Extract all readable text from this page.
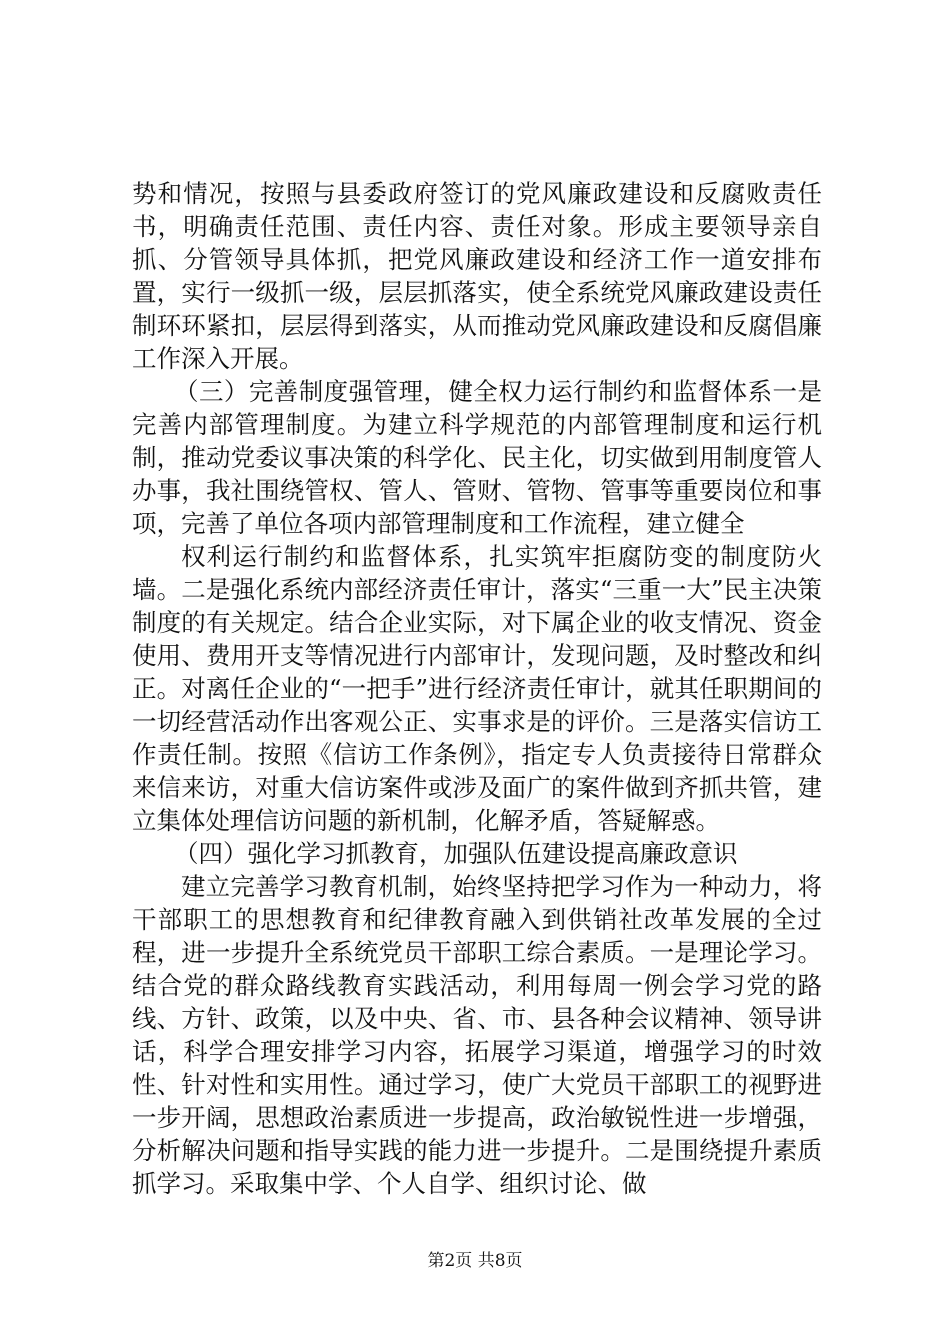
势和情况，按照与县委政府签订的党风廉政建设和反腐败责任书，明确责任范围、责任内容、责任对象。形成主要领导亲自抓、分管领导具体抓，把党风廉政建设和经济工作一道安排布置，实行一级抓一级，层层抓落实，使全系统党风廉政建设责任制环环紧扣，层层得到落实，从而推动党风廉政建设和反腐倡廉工作深入开展。

（三）完善制度强管理，健全权力运行制约和监督体系一是完善内部管理制度。为建立科学规范的内部管理制度和运行机制，推动党委议事决策的科学化、民主化，切实做到用制度管人办事，我社围绕管权、管人、管财、管物、管事等重要岗位和事项，完善了单位各项内部管理制度和工作流程，建立健全

权利运行制约和监督体系，扎实筑牢拒腐防变的制度防火墙。二是强化系统内部经济责任审计，落实“三重一大”民主决策制度的有关规定。结合企业实际，对下属企业的收支情况、资金使用、费用开支等情况进行内部审计，发现问题，及时整改和纠正。对离任企业的“一把手”进行经济责任审计，就其任职期间的一切经营活动作出客观公正、实事求是的评价。三是落实信访工作责任制。按照《信访工作条例》，指定专人负责接待日常群众来信来访，对重大信访案件或涉及面广的案件做到齐抓共管，建立集体处理信访问题的新机制，化解矛盾，答疑解惑。

（四）强化学习抓教育，加强队伍建设提高廉政意识

建立完善学习教育机制，始终坚持把学习作为一种动力，将干部职工的思想教育和纪律教育融入到供销社改革发展的全过程，进一步提升全系统党员干部职工综合素质。一是理论学习。结合党的群众路线教育实践活动，利用每周一例会学习党的路线、方针、政策，以及中央、省、市、县各种会议精神、领导讲话，科学合理安排学习内容，拓展学习渠道，增强学习的时效性、针对性和实用性。通过学习，使广大党员干部职工的视野进一步开阔，思想政治素质进一步提高，政治敏锐性进一步增强，分析解决问题和指导实践的能力进一步提升。二是围绕提升素质抓学习。采取集中学、个人自学、组织讨论、做

第2页 共8页
